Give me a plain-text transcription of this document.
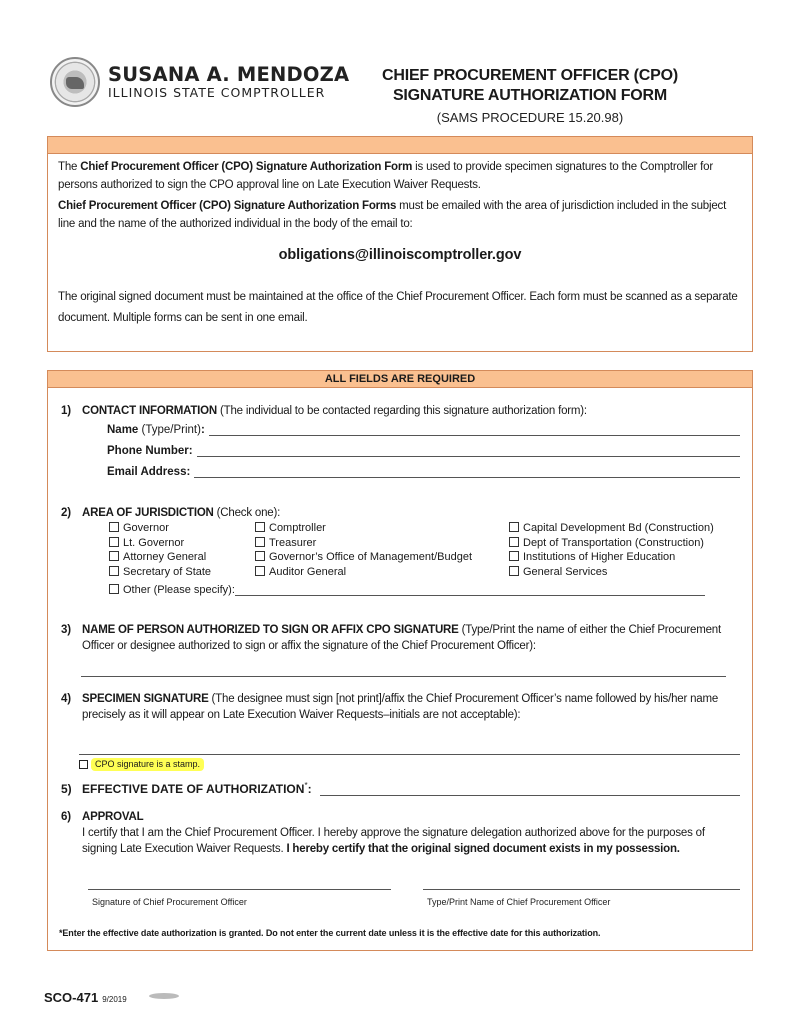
SUSANA A. MENDOZA
ILLINOIS STATE COMPTROLLER
CHIEF PROCUREMENT OFFICER (CPO)
SIGNATURE AUTHORIZATION FORM
(SAMS PROCEDURE 15.20.98)
The Chief Procurement Officer (CPO) Signature Authorization Form is used to provide specimen signatures to the Comptroller for persons authorized to sign the CPO approval line on Late Execution Waiver Requests.
Chief Procurement Officer (CPO) Signature Authorization Forms must be emailed with the area of jurisdiction included in the subject line and the name of the authorized individual in the body of the email to:
obligations@illinoiscomptroller.gov
The original signed document must be maintained at the office of the Chief Procurement Officer. Each form must be scanned as a separate document. Multiple forms can be sent in one email.
ALL FIELDS ARE REQUIRED
1) CONTACT INFORMATION (The individual to be contacted regarding this signature authorization form):
Name (Type/Print):
Phone Number:
Email Address:
2) AREA OF JURISDICTION (Check one):
Governor
Lt. Governor
Attorney General
Secretary of State
Comptroller
Treasurer
Governor’s Office of Management/Budget
Auditor General
Capital Development Bd (Construction)
Dept of Transportation (Construction)
Institutions of Higher Education
General Services
Other (Please specify):
3) NAME OF PERSON AUTHORIZED TO SIGN OR AFFIX CPO SIGNATURE (Type/Print the name of either the Chief Procurement Officer or designee authorized to sign or affix the signature of the Chief Procurement Officer):
4) SPECIMEN SIGNATURE (The designee must sign [not print]/affix the Chief Procurement Officer’s name followed by his/her name precisely as it will appear on Late Execution Waiver Requests–initials are not acceptable):
CPO signature is a stamp.
5) EFFECTIVE DATE OF AUTHORIZATION*:
6) APPROVAL
I certify that I am the Chief Procurement Officer. I hereby approve the signature delegation authorized above for the purposes of signing Late Execution Waiver Requests. I hereby certify that the original signed document exists in my possession.
Signature of Chief Procurement Officer	Type/Print Name of Chief Procurement Officer
*Enter the effective date authorization is granted. Do not enter the current date unless it is the effective date for this authorization.
SCO-471 9/2019
